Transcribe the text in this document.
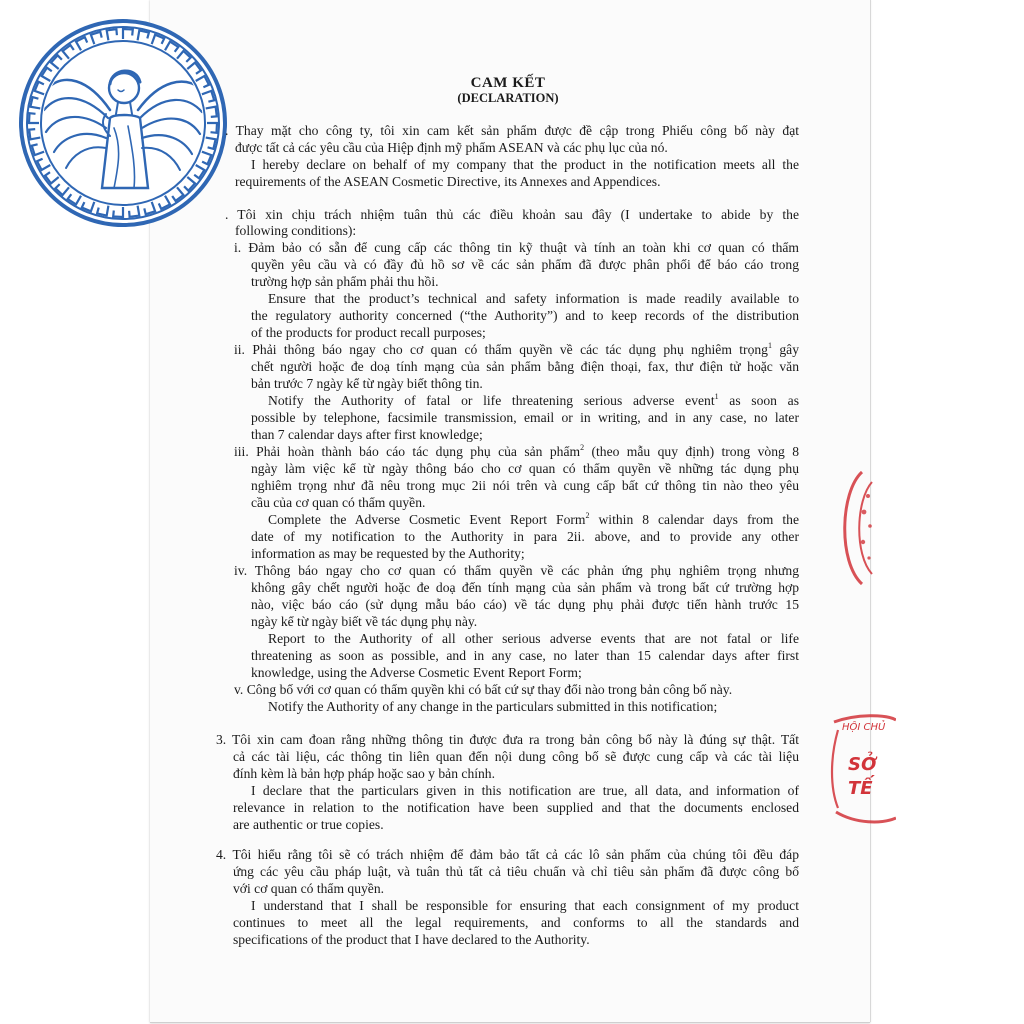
CAM KẾT
(DECLARATION)
. Thay mặt cho công ty, tôi xin cam kết sản phẩm được đề cập trong Phiếu công bố này đạt
được tất cả các yêu cầu của Hiệp định mỹ phẩm ASEAN và các phụ lục của nó.
I hereby declare on behalf of my company that the product in the notification meets all the
requirements of the ASEAN Cosmetic Directive, its Annexes and Appendices.
. Tôi xin chịu trách nhiệm tuân thủ các điều khoản sau đây (I undertake to abide by the
following conditions):
i. Đảm bảo có sẵn để cung cấp các thông tin kỹ thuật và tính an toàn khi cơ quan có thẩm
quyền yêu cầu và có đầy đủ hồ sơ về các sản phẩm đã được phân phối để báo cáo trong
trường hợp sản phẩm phải thu hồi.
Ensure that the product’s technical and safety information is made readily available to
the regulatory authority concerned (“the Authority”) and to keep records of the distribution
of the products for product recall purposes;
ii. Phải thông báo ngay cho cơ quan có thẩm quyền về các tác dụng phụ nghiêm trọng$^1$ gây
chết người hoặc đe doạ tính mạng của sản phẩm bằng điện thoại, fax, thư điện tử hoặc văn
bản trước 7 ngày kể từ ngày biết thông tin.
Notify the Authority of fatal or life threatening serious adverse event$^1$ as soon as
possible by telephone, facsimile transmission, email or in writing, and in any case, no later
than 7 calendar days after first knowledge;
iii. Phải hoàn thành báo cáo tác dụng phụ của sản phẩm$^2$ (theo mẫu quy định) trong vòng 8
ngày làm việc kể từ ngày thông báo cho cơ quan có thẩm quyền về những tác dụng phụ
nghiêm trọng như đã nêu trong mục 2ii nói trên và cung cấp bất cứ thông tin nào theo yêu
cầu của cơ quan có thẩm quyền.
Complete the Adverse Cosmetic Event Report Form$^2$ within 8 calendar days from the
date of my notification to the Authority in para 2ii. above, and to provide any other
information as may be requested by the Authority;
iv. Thông báo ngay cho cơ quan có thẩm quyền về các phản ứng phụ nghiêm trọng nhưng
không gây chết người hoặc đe doạ đến tính mạng của sản phẩm và trong bất cứ trường hợp
nào, việc báo cáo (sử dụng mẫu báo cáo) về tác dụng phụ phải được tiến hành trước 15
ngày kể từ ngày biết về tác dụng phụ này.
Report to the Authority of all other serious adverse events that are not fatal or life
threatening as soon as possible, and in any case, no later than 15 calendar days after first
knowledge, using the Adverse Cosmetic Event Report Form;
v. Công bố với cơ quan có thẩm quyền khi có bất cứ sự thay đổi nào trong bản công bố này.
Notify the Authority of any change in the particulars submitted in this notification;
3. Tôi xin cam đoan rằng những thông tin được đưa ra trong bản công bố này là đúng sự thật. Tất
cả các tài liệu, các thông tin liên quan đến nội dung công bố sẽ được cung cấp và các tài liệu
đính kèm là bản hợp pháp hoặc sao y bản chính.
I declare that the particulars given in this notification are true, all data, and information of
relevance in relation to the notification have been supplied and that the documents enclosed
are authentic or true copies.
4. Tôi hiểu rằng tôi sẽ có trách nhiệm để đảm bảo tất cả các lô sản phẩm của chúng tôi đều đáp
ứng các yêu cầu pháp luật, và tuân thủ tất cả tiêu chuẩn và chỉ tiêu sản phẩm đã được công bố
với cơ quan có thẩm quyền.
I understand that I shall be responsible for ensuring that each consignment of my product
continues to meet all the legal requirements, and conforms to all the standards and
specifications of the product that I have declared to the Authority.
HỘI CHỦ
SỞ
TẾ
